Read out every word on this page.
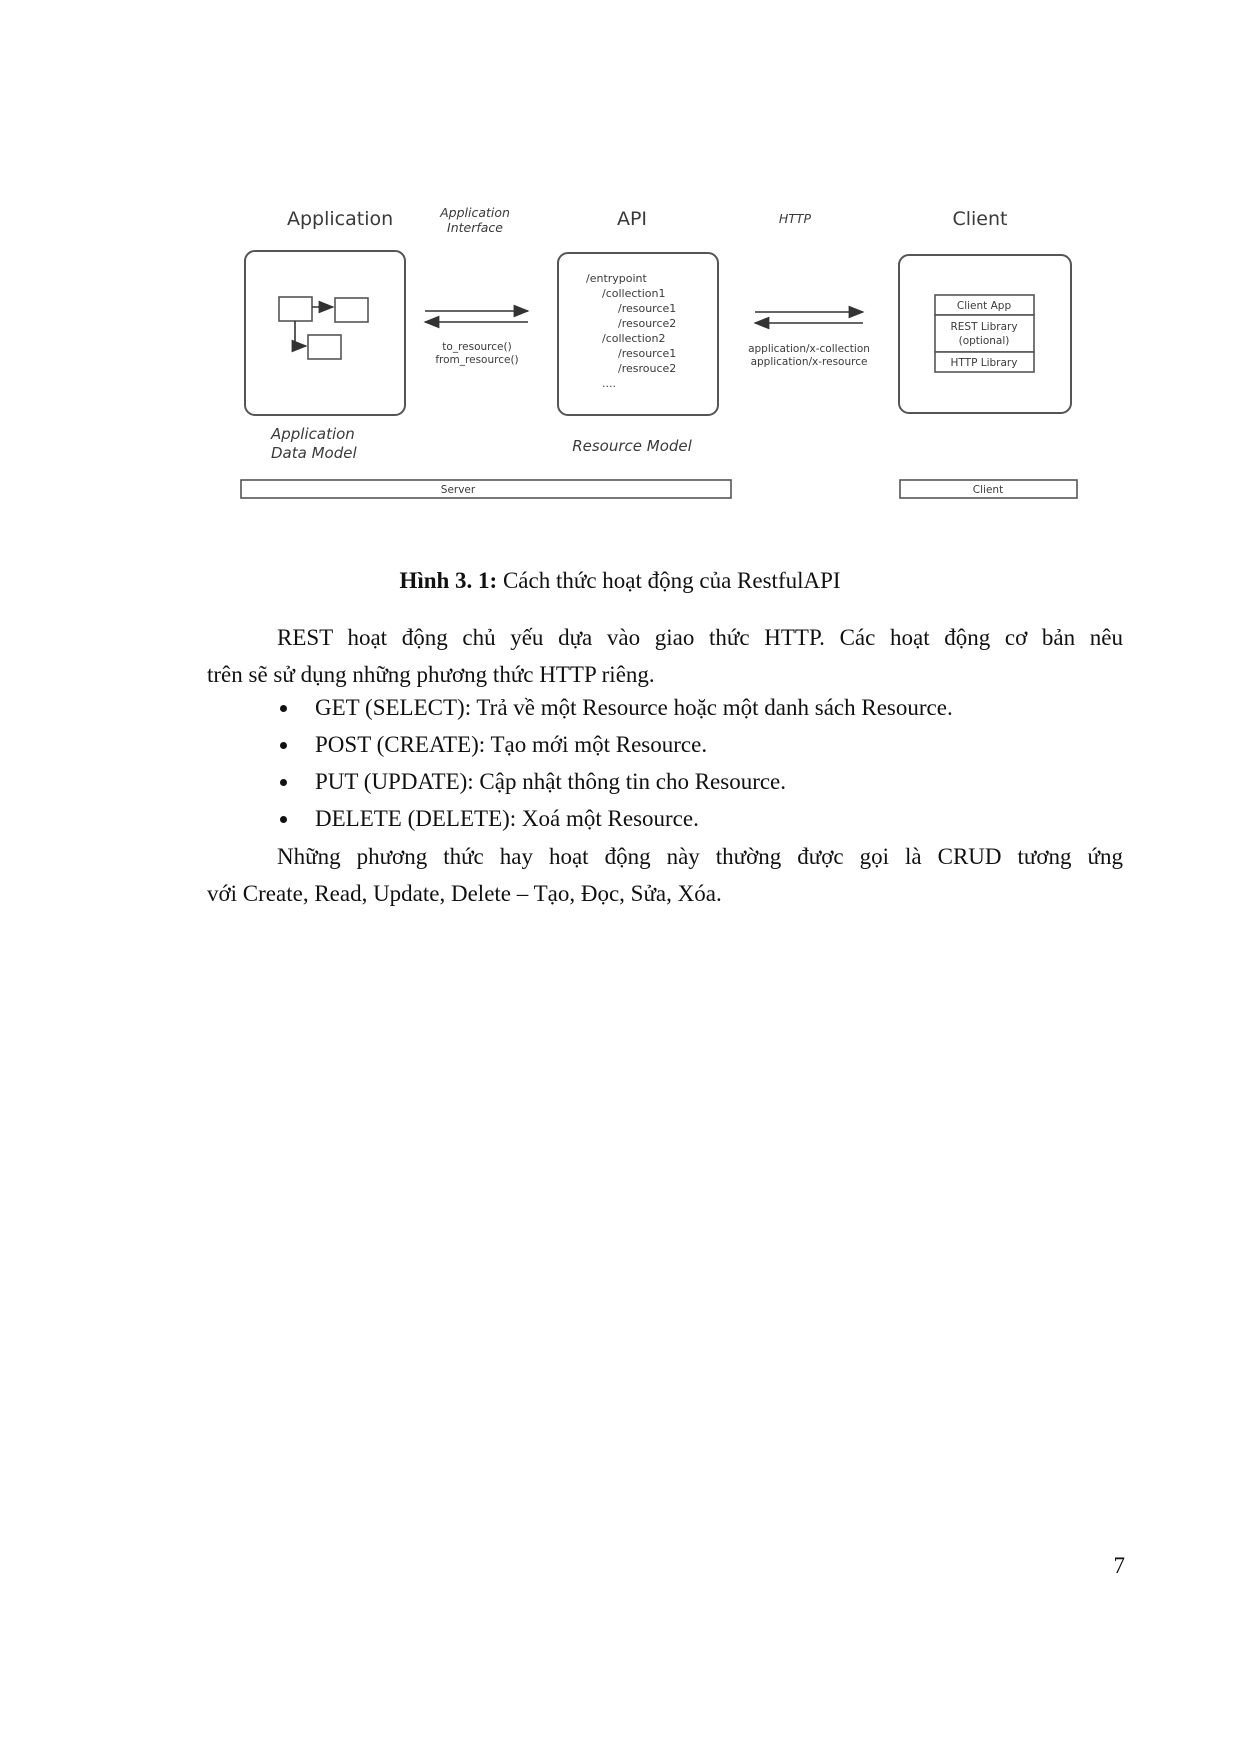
Application	Application
Interface	API	HTTP	Client
to_resource()
from_resource()
/entrypoint
/collection1
/resource1
/resource2
/collection2
/resource1
/resrouce2
....
application/x-collection
application/x-resource
Client App
REST Library
(optional)
HTTP Library
Application
Data Model	Resource Model
Server	Client
Hình 3. 1: Cách thức hoạt động của RestfulAPI
REST hoạt động chủ yếu dựa vào giao thức HTTP. Các hoạt động cơ bản nêu
trên sẽ sử dụng những phương thức HTTP riêng.
GET (SELECT): Trả về một Resource hoặc một danh sách Resource.
POST (CREATE): Tạo mới một Resource.
PUT (UPDATE): Cập nhật thông tin cho Resource.
DELETE (DELETE): Xoá một Resource.
Những phương thức hay hoạt động này thường được gọi là CRUD tương ứng
với Create, Read, Update, Delete – Tạo, Đọc, Sửa, Xóa.
7
